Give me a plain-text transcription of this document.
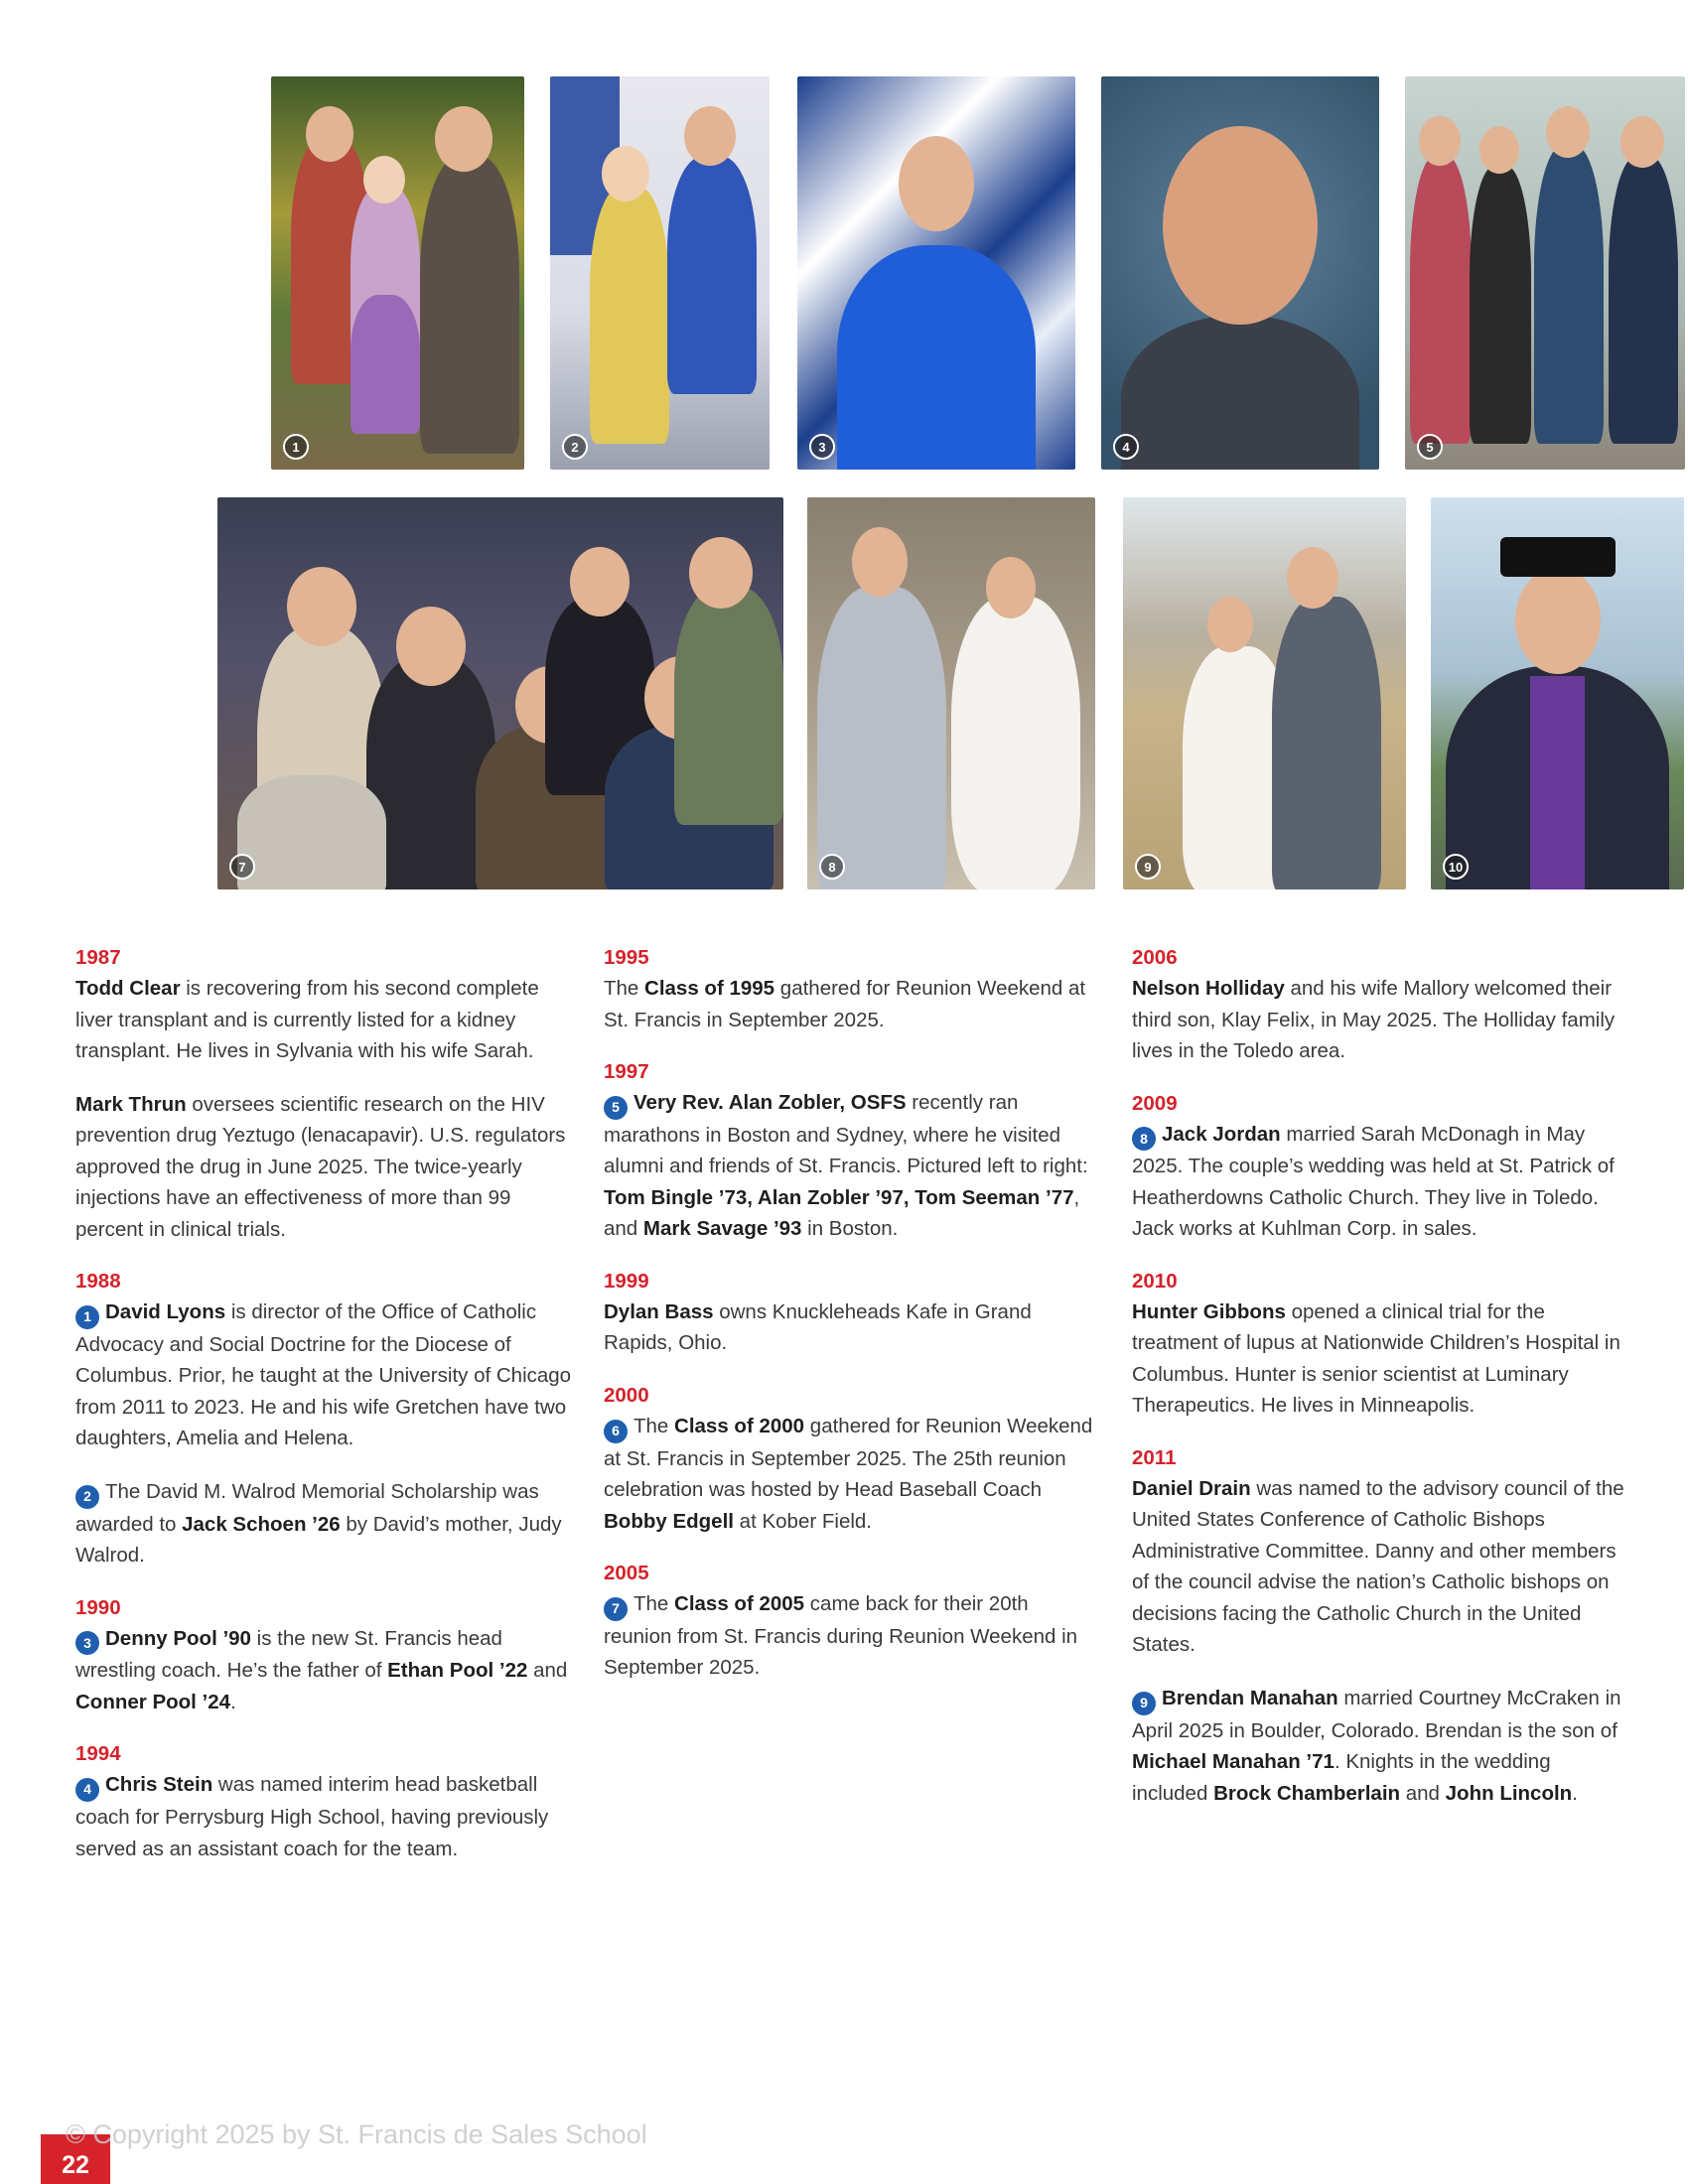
1	2	3	4	5
7	8	9	10
1987

Todd Clear is recovering from his second complete liver transplant and is currently listed for a kidney transplant. He lives in Sylvania with his wife Sarah.

Mark Thrun oversees scientific research on the HIV prevention drug Yeztugo (lenacapavir). U.S. regulators approved the drug in June 2025. The twice-yearly injections have an effectiveness of more than 99 percent in clinical trials.

1988

1 David Lyons is director of the Office of Catholic Advocacy and Social Doctrine for the Diocese of Columbus. Prior, he taught at the University of Chicago from 2011 to 2023. He and his wife Gretchen have two daughters, Amelia and Helena.

2 The David M. Walrod Memorial Scholarship was awarded to Jack Schoen ’26 by David’s mother, Judy Walrod.

1990

3 Denny Pool ’90 is the new St. Francis head wrestling coach. He’s the father of Ethan Pool ’22 and Conner Pool ’24.

1994

4 Chris Stein was named interim head basketball coach for Perrysburg High School, having previously served as an assistant coach for the team.

1995

The Class of 1995 gathered for Reunion Weekend at St. Francis in September 2025.

1997

5 Very Rev. Alan Zobler, OSFS recently ran marathons in Boston and Sydney, where he visited alumni and friends of St. Francis. Pictured left to right: Tom Bingle ’73, Alan Zobler ’97, Tom Seeman ’77, and Mark Savage ’93 in Boston.

1999

Dylan Bass owns Knuckleheads Kafe in Grand Rapids, Ohio.

2000

6 The Class of 2000 gathered for Reunion Weekend at St. Francis in September 2025. The 25th reunion celebration was hosted by Head Baseball Coach Bobby Edgell at Kober Field.

2005

7 The Class of 2005 came back for their 20th reunion from St. Francis during Reunion Weekend in September 2025.

2006

Nelson Holliday and his wife Mallory welcomed their third son, Klay Felix, in May 2025. The Holliday family lives in the Toledo area.

2009

8 Jack Jordan married Sarah McDonagh in May 2025. The couple’s wedding was held at St. Patrick of Heatherdowns Catholic Church. They live in Toledo. Jack works at Kuhlman Corp. in sales.

2010

Hunter Gibbons opened a clinical trial for the treatment of lupus at Nationwide Children’s Hospital in Columbus. Hunter is senior scientist at Luminary Therapeutics. He lives in Minneapolis.

2011

Daniel Drain was named to the advisory council of the United States Conference of Catholic Bishops Administrative Committee. Danny and other members of the council advise the nation’s Catholic bishops on decisions facing the Catholic Church in the United States.

9 Brendan Manahan married Courtney McCraken in April 2025 in Boulder, Colorado. Brendan is the son of Michael Manahan ’71. Knights in the wedding included Brock Chamberlain and John Lincoln.

22
© Copyright 2025 by St. Francis de Sales School
